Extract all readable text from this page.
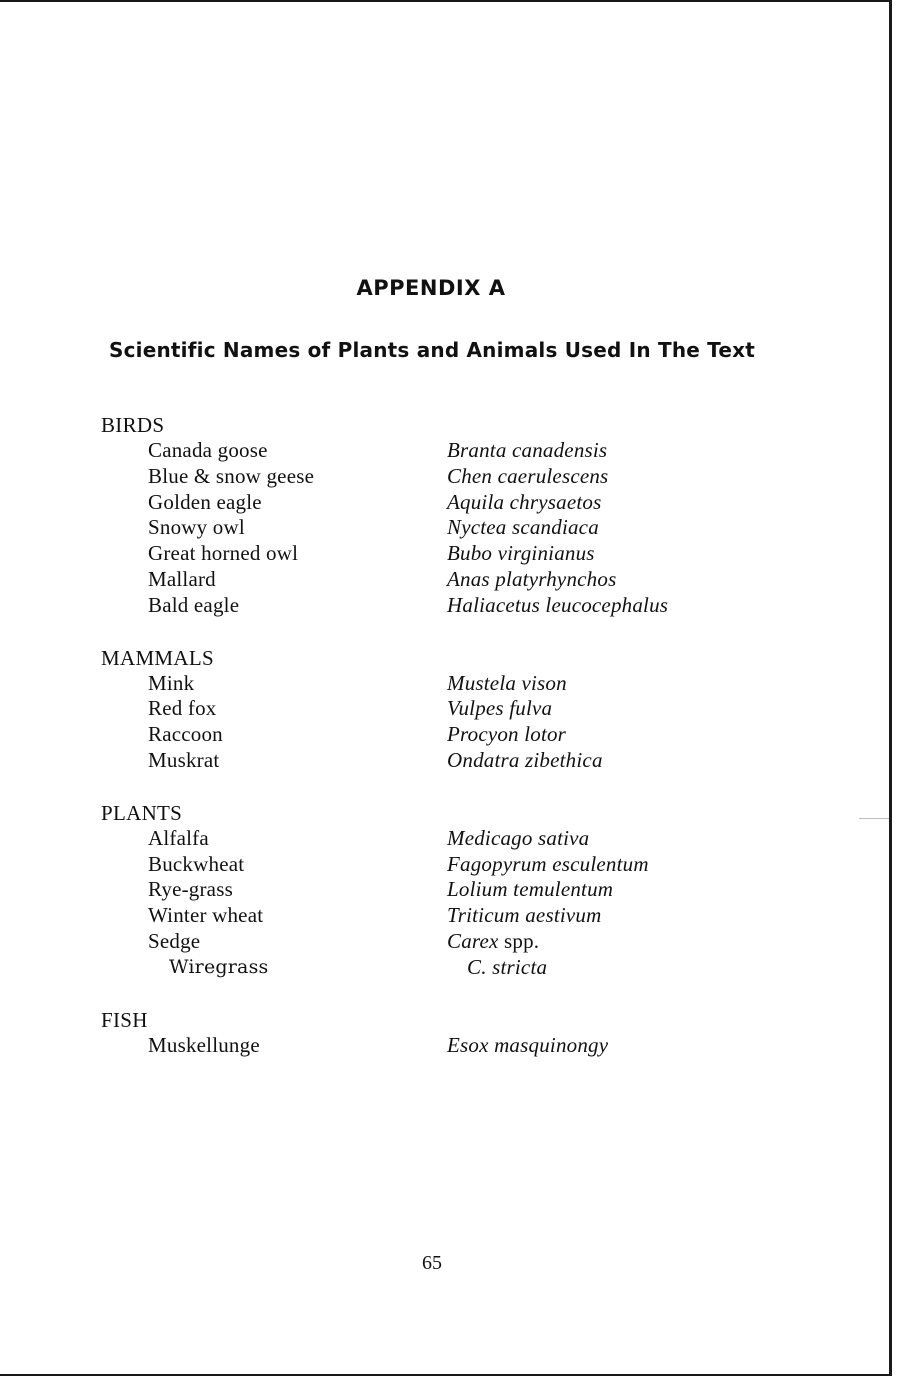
APPENDIX A
Scientific Names of Plants and Animals Used In The Text
BIRDS
Canada goose	Branta canadensis
Blue & snow geese	Chen caerulescens
Golden eagle	Aquila chrysaetos
Snowy owl	Nyctea scandiaca
Great horned owl	Bubo virginianus
Mallard	Anas platyrhynchos
Bald eagle	Haliacetus leucocephalus
MAMMALS
Mink	Mustela vison
Red fox	Vulpes fulva
Raccoon	Procyon lotor
Muskrat	Ondatra zibethica
PLANTS
Alfalfa	Medicago sativa
Buckwheat	Fagopyrum esculentum
Rye-grass	Lolium temulentum
Winter wheat	Triticum aestivum
Sedge	Carex spp.
Wiregrass	C. stricta
FISH
Muskellunge	Esox masquinongy
65
